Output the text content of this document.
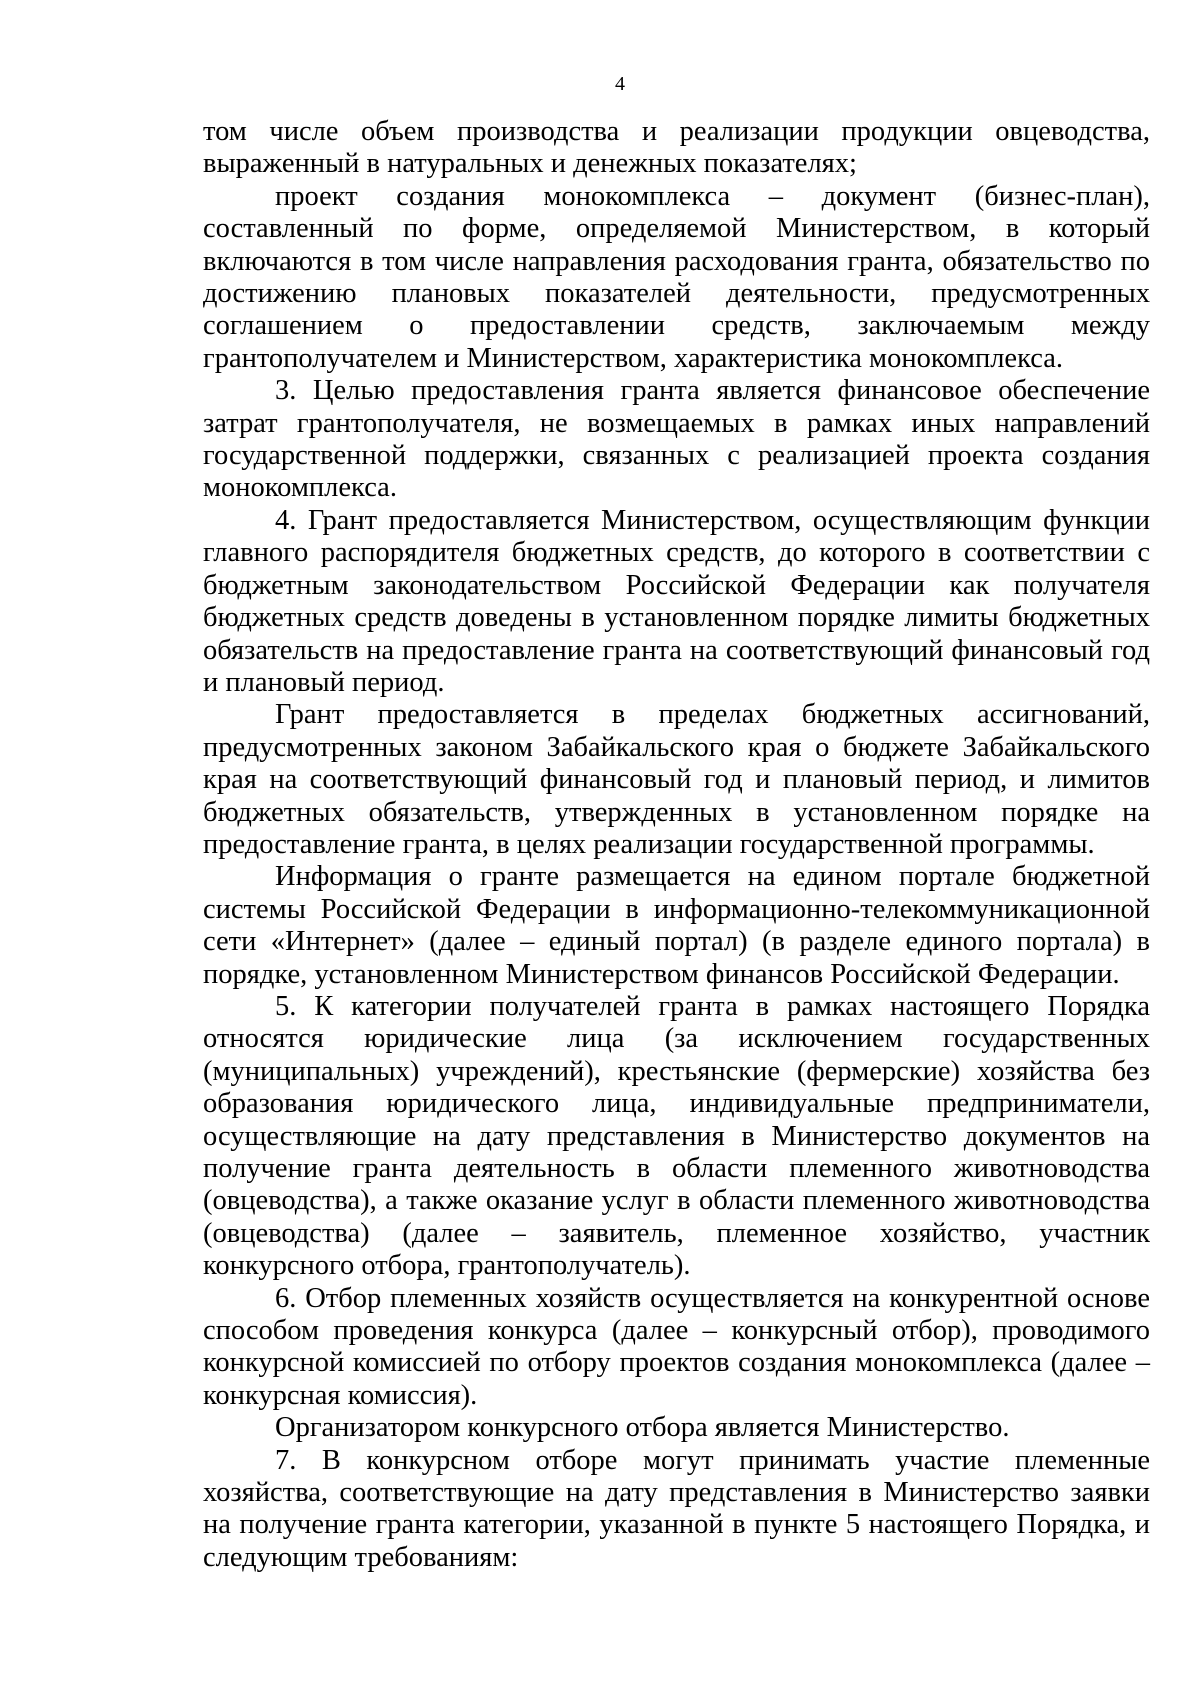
4

том числе объем производства и реализации продукции овцеводства, выраженный в натуральных и денежных показателях;

проект создания монокомплекса – документ (бизнес-план), составленный по форме, определяемой Министерством, в который включаются в том числе направления расходования гранта, обязательство по достижению плановых показателей деятельности, предусмотренных соглашением о предоставлении средств, заключаемым между грантополучателем и Министерством, характеристика монокомплекса.

3. Целью предоставления гранта является финансовое обеспечение затрат грантополучателя, не возмещаемых в рамках иных направлений государственной поддержки, связанных с реализацией проекта создания монокомплекса.

4. Грант предоставляется Министерством, осуществляющим функции главного распорядителя бюджетных средств, до которого в соответствии с бюджетным законодательством Российской Федерации как получателя бюджетных средств доведены в установленном порядке лимиты бюджетных обязательств на предоставление гранта на соответствующий финансовый год и плановый период.

Грант предоставляется в пределах бюджетных ассигнований, предусмотренных законом Забайкальского края о бюджете Забайкальского края на соответствующий финансовый год и плановый период, и лимитов бюджетных обязательств, утвержденных в установленном порядке на предоставление гранта, в целях реализации государственной программы.

Информация о гранте размещается на едином портале бюджетной системы Российской Федерации в информационно-телекоммуникационной сети «Интернет» (далее – единый портал) (в разделе единого портала) в порядке, установленном Министерством финансов Российской Федерации.

5. К категории получателей гранта в рамках настоящего Порядка относятся юридические лица (за исключением государственных (муниципальных) учреждений), крестьянские (фермерские) хозяйства без образования юридического лица, индивидуальные предприниматели, осуществляющие на дату представления в Министерство документов на получение гранта деятельность в области племенного животноводства (овцеводства), а также оказание услуг в области племенного животноводства (овцеводства) (далее – заявитель, племенное хозяйство, участник конкурсного отбора, грантополучатель).

6. Отбор племенных хозяйств осуществляется на конкурентной основе способом проведения конкурса (далее – конкурсный отбор), проводимого конкурсной комиссией по отбору проектов создания монокомплекса (далее – конкурсная комиссия).

Организатором конкурсного отбора является Министерство.

7. В конкурсном отборе могут принимать участие племенные хозяйства, соответствующие на дату представления в Министерство заявки на получение гранта категории, указанной в пункте 5 настоящего Порядка, и следующим требованиям:
